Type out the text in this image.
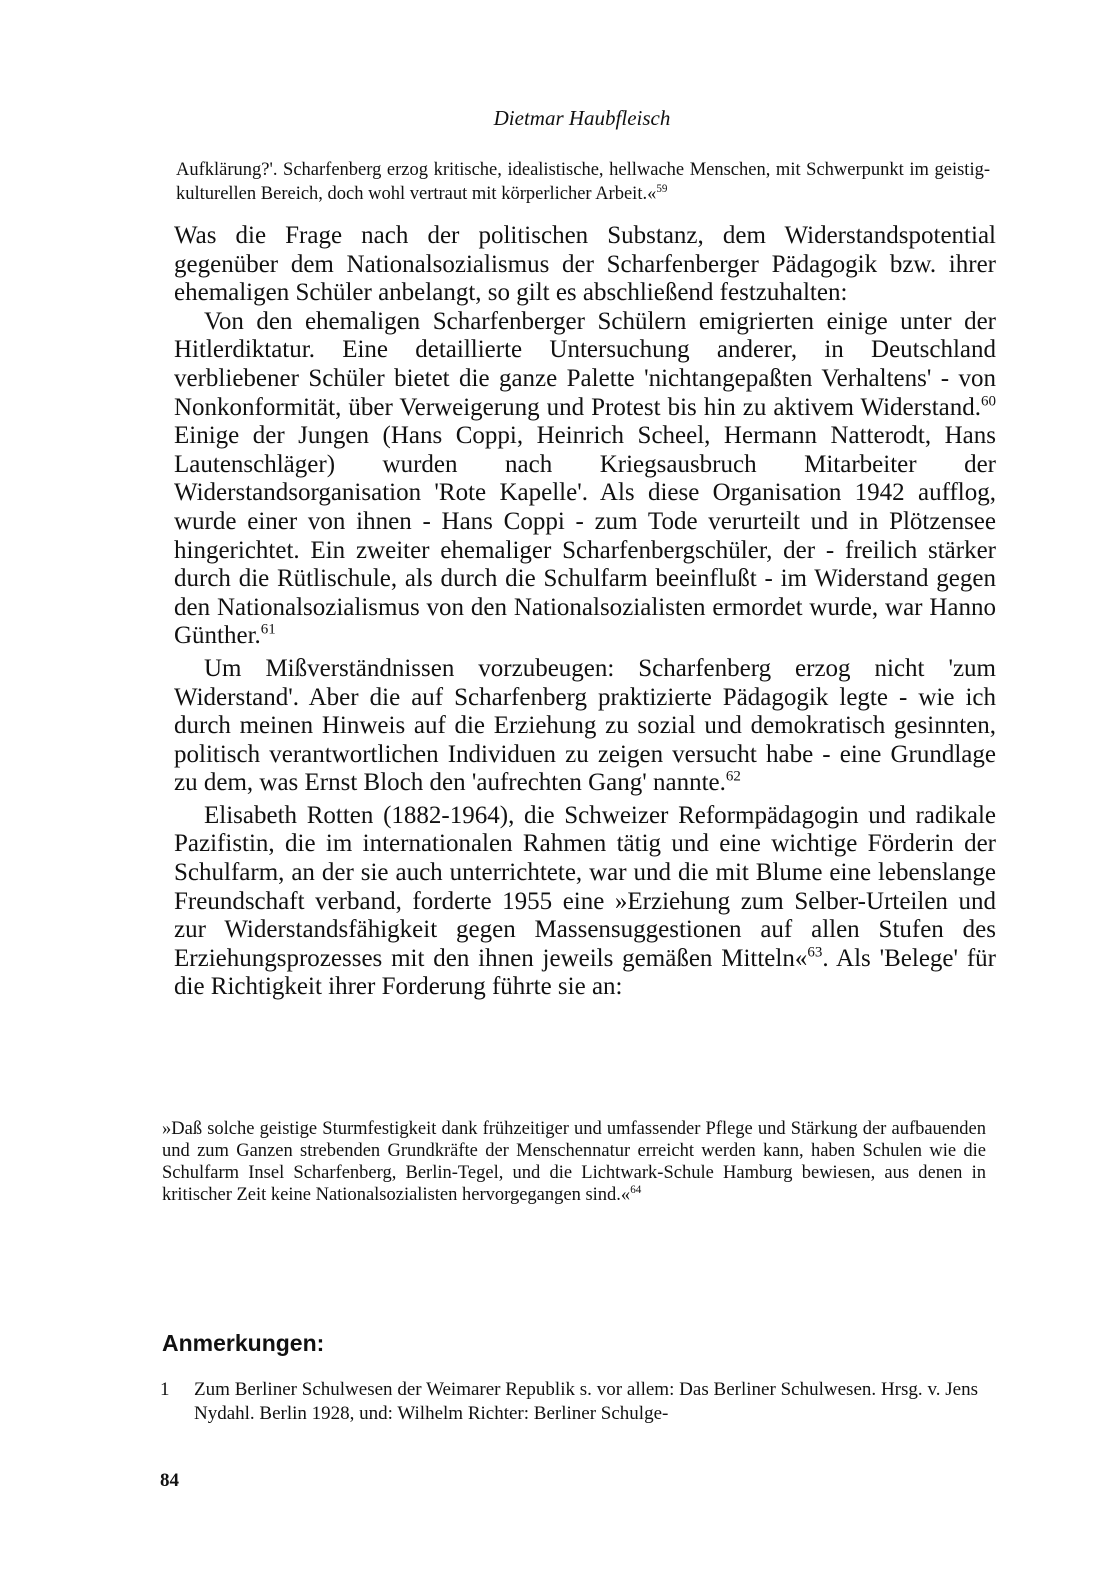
Dietmar Haubfleisch
Aufklärung?'. Scharfenberg erzog kritische, idealistische, hellwache Menschen, mit Schwerpunkt im geistig-kulturellen Bereich, doch wohl vertraut mit körperlicher Arbeit.«$^{59}$

Was die Frage nach der politischen Substanz, dem Widerstandspotential gegenüber dem Nationalsozialismus der Scharfenberger Pädagogik bzw. ihrer ehemaligen Schüler anbelangt, so gilt es abschließend festzuhalten:

Von den ehemaligen Scharfenberger Schülern emigrierten einige unter der Hitlerdiktatur. Eine detaillierte Untersuchung anderer, in Deutschland verbliebener Schüler bietet die ganze Palette 'nichtangepaßten Verhaltens' - von Nonkonformität, über Verweigerung und Protest bis hin zu aktivem Widerstand.$^{60}$ Einige der Jungen (Hans Coppi, Heinrich Scheel, Hermann Natterodt, Hans Lautenschläger) wurden nach Kriegsausbruch Mitarbeiter der Widerstandsorganisation 'Rote Kapelle'. Als diese Organisation 1942 aufflog, wurde einer von ihnen - Hans Coppi - zum Tode verurteilt und in Plötzensee hingerichtet. Ein zweiter ehemaliger Scharfenbergschüler, der - freilich stärker durch die Rütlischule, als durch die Schulfarm beeinflußt - im Widerstand gegen den Nationalsozialismus von den Nationalsozialisten ermordet wurde, war Hanno Günther.$^{61}$

Um Mißverständnissen vorzubeugen: Scharfenberg erzog nicht 'zum Widerstand'. Aber die auf Scharfenberg praktizierte Pädagogik legte - wie ich durch meinen Hinweis auf die Erziehung zu sozial und demokratisch gesinnten, politisch verantwortlichen Individuen zu zeigen versucht habe - eine Grundlage zu dem, was Ernst Bloch den 'aufrechten Gang' nannte.$^{62}$

Elisabeth Rotten (1882-1964), die Schweizer Reformpädagogin und radikale Pazifistin, die im internationalen Rahmen tätig und eine wichtige Förderin der Schulfarm, an der sie auch unterrichtete, war und die mit Blume eine lebenslange Freundschaft verband, forderte 1955 eine »Erziehung zum Selber-Urteilen und zur Widerstandsfähigkeit gegen Massensuggestionen auf allen Stufen des Erziehungsprozesses mit den ihnen jeweils gemäßen Mitteln«$^{63}$. Als 'Belege' für die Richtigkeit ihrer Forderung führte sie an:

»Daß solche geistige Sturmfestigkeit dank frühzeitiger und umfassender Pflege und Stärkung der aufbauenden und zum Ganzen strebenden Grundkräfte der Menschennatur erreicht werden kann, haben Schulen wie die Schulfarm Insel Scharfenberg, Berlin-Tegel, und die Lichtwark-Schule Hamburg bewiesen, aus denen in kritischer Zeit keine Nationalsozialisten hervorgegangen sind.«$^{64}$
Anmerkungen:
1 Zum Berliner Schulwesen der Weimarer Republik s. vor allem: Das Berliner Schulwesen. Hrsg. v. Jens Nydahl. Berlin 1928, und: Wilhelm Richter: Berliner Schulge-
84
